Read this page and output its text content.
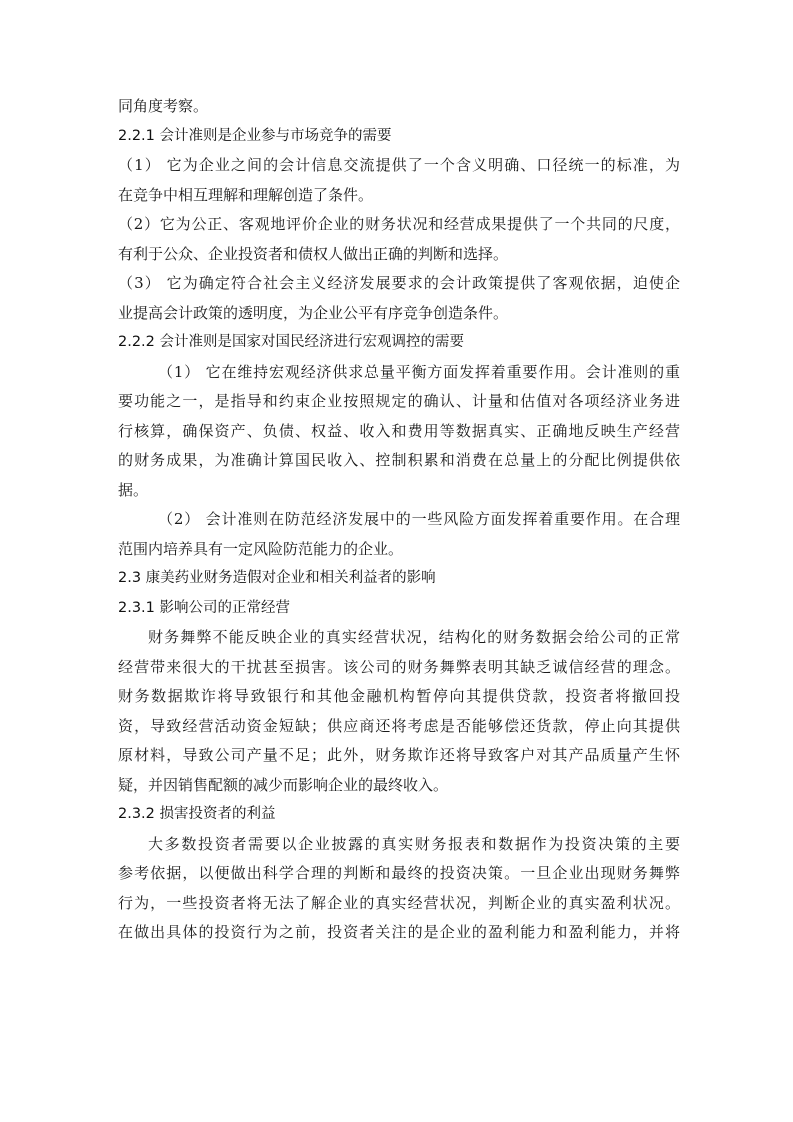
同角度考察。
2.2.1 会计准则是企业参与市场竞争的需要
（1） 它为企业之间的会计信息交流提供了一个含义明确、口径统一的标准，为
在竞争中相互理解和理解创造了条件。
（2）它为公正、客观地评价企业的财务状况和经营成果提供了一个共同的尺度，
有利于公众、企业投资者和债权人做出正确的判断和选择。
（3） 它为确定符合社会主义经济发展要求的会计政策提供了客观依据，迫使企
业提高会计政策的透明度，为企业公平有序竞争创造条件。
2.2.2 会计准则是国家对国民经济进行宏观调控的需要
（1） 它在维持宏观经济供求总量平衡方面发挥着重要作用。会计准则的重
要功能之一，是指导和约束企业按照规定的确认、计量和估值对各项经济业务进
行核算，确保资产、负债、权益、收入和费用等数据真实、正确地反映生产经营
的财务成果，为准确计算国民收入、控制积累和消费在总量上的分配比例提供依
据。
（2） 会计准则在防范经济发展中的一些风险方面发挥着重要作用。在合理
范围内培养具有一定风险防范能力的企业。
2.3 康美药业财务造假对企业和相关利益者的影响
2.3.1 影响公司的正常经营
财务舞弊不能反映企业的真实经营状况，结构化的财务数据会给公司的正常
经营带来很大的干扰甚至损害。该公司的财务舞弊表明其缺乏诚信经营的理念。
财务数据欺诈将导致银行和其他金融机构暂停向其提供贷款，投资者将撤回投
资，导致经营活动资金短缺；供应商还将考虑是否能够偿还货款，停止向其提供
原材料，导致公司产量不足；此外，财务欺诈还将导致客户对其产品质量产生怀
疑，并因销售配额的减少而影响企业的最终收入。
2.3.2 损害投资者的利益
大多数投资者需要以企业披露的真实财务报表和数据作为投资决策的主要
参考依据，以便做出科学合理的判断和最终的投资决策。一旦企业出现财务舞弊
行为，一些投资者将无法了解企业的真实经营状况，判断企业的真实盈利状况。
在做出具体的投资行为之前，投资者关注的是企业的盈利能力和盈利能力，并将
